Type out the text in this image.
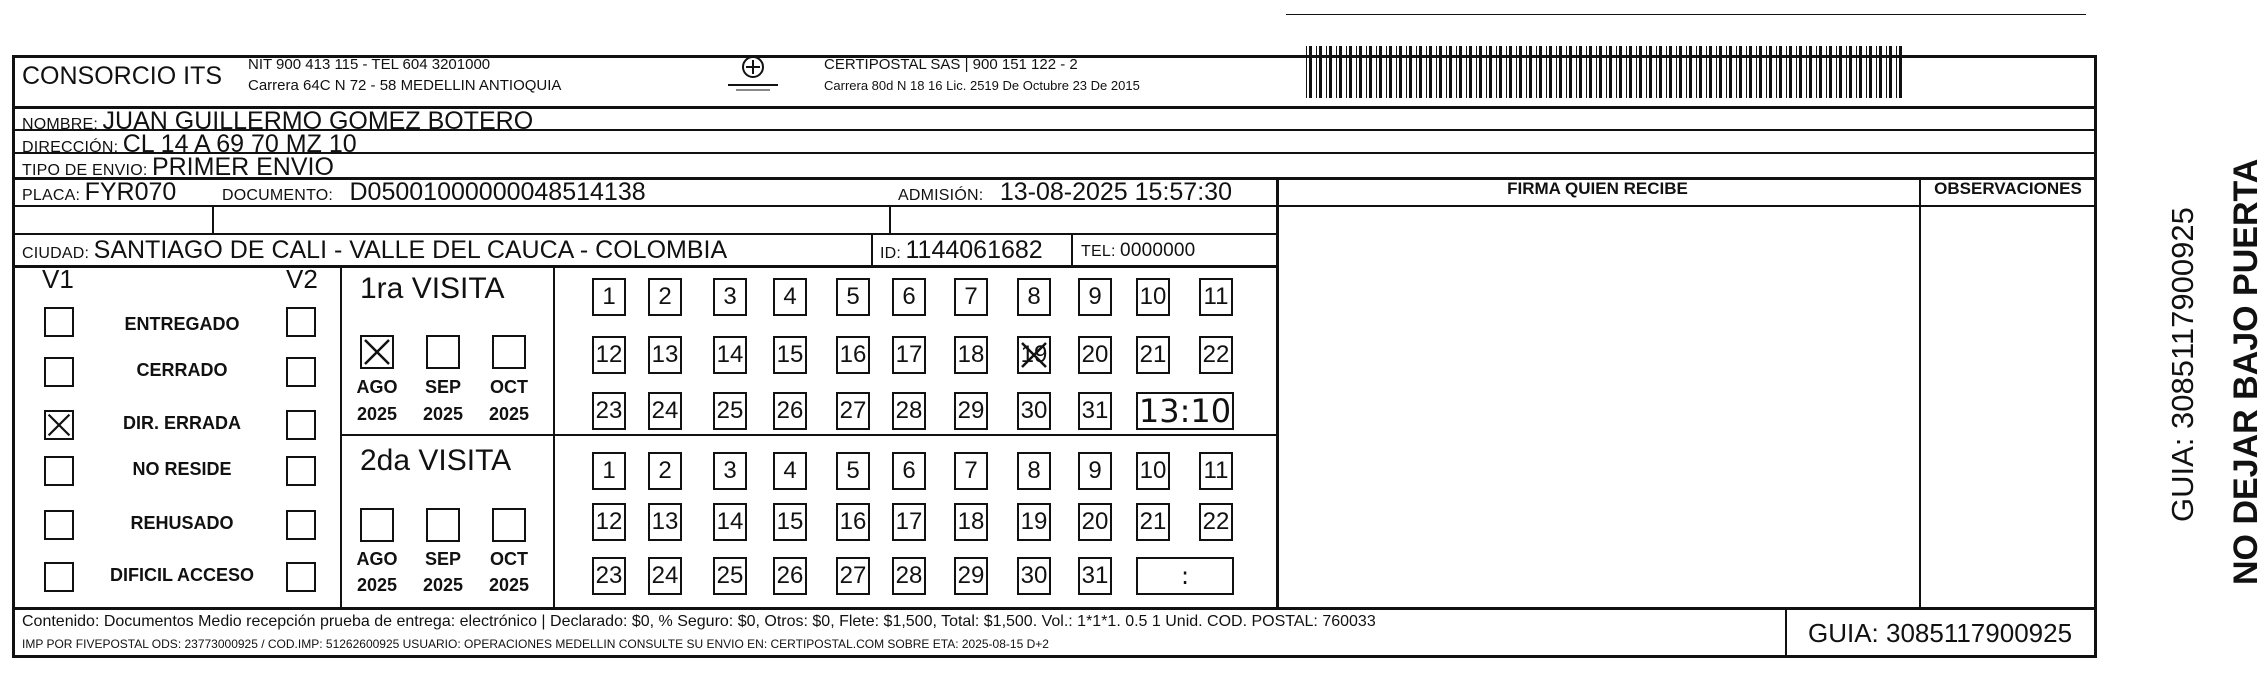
CONSORCIO ITS NIT 900 413 115 - TEL 604 3201000
Carrera 64C N 72 - 58 MEDELLIN ANTIOQUIA
CERTIPOSTAL SAS | 900 151 122 - 2
Carrera 80d N 18 16 Lic. 2519 De Octubre 23 De 2015
NOMBRE: JUAN GUILLERMO GOMEZ BOTERO
DIRECCIÓN: CL 14 A 69 70 MZ 10
TIPO DE ENVIO: PRIMER ENVIO
PLACA: FYR070	DOCUMENTO: D05001000000048514138	ADMISIÓN: 13-08-2025 15:57:30
CIUDAD: SANTIAGO DE CALI - VALLE DEL CAUCA - COLOMBIA	ID: 1144061682 TEL: 0000000
FIRMA QUIEN RECIBE	OBSERVACIONES
V1	V2
ENTREGADO
CERRADO
DIR. ERRADA
NO RESIDE
REHUSADO
DIFICIL ACCESO
1ra VISITA
2da VISITA
AGO
2025
SEP
2025
OCT
2025
AGO
2025
SEP
2025
OCT
2025
1	2	3	4	5	6	7	8	9	10 11
12 13 14 15 16 17 18 19 20 21 22
23 24 25 26 27 28 29 30 31 13:10
1	2	3	4	5	6	7	8	9	10 11
12 13 14 15 16 17 18 19 20 21 22
23 24 25 26 27 28 29 30 31	:
Contenido: Documentos Medio recepción prueba de entrega: electrónico | Declarado: $0, % Seguro: $0, Otros: $0, Flete: $1,500, Total: $1,500. Vol.: 1*1*1. 0.5 1 Unid. COD. POSTAL: 760033
IMP POR FIVEPOSTAL ODS: 23773000925 / COD.IMP: 51262600925 USUARIO: OPERACIONES MEDELLIN CONSULTE SU ENVIO EN: CERTIPOSTAL.COM SOBRE ETA: 2025-08-15 D+2	GUIA: 3085117900925
NO DEJAR BAJO PUERTA
GUIA: 3085117900925
